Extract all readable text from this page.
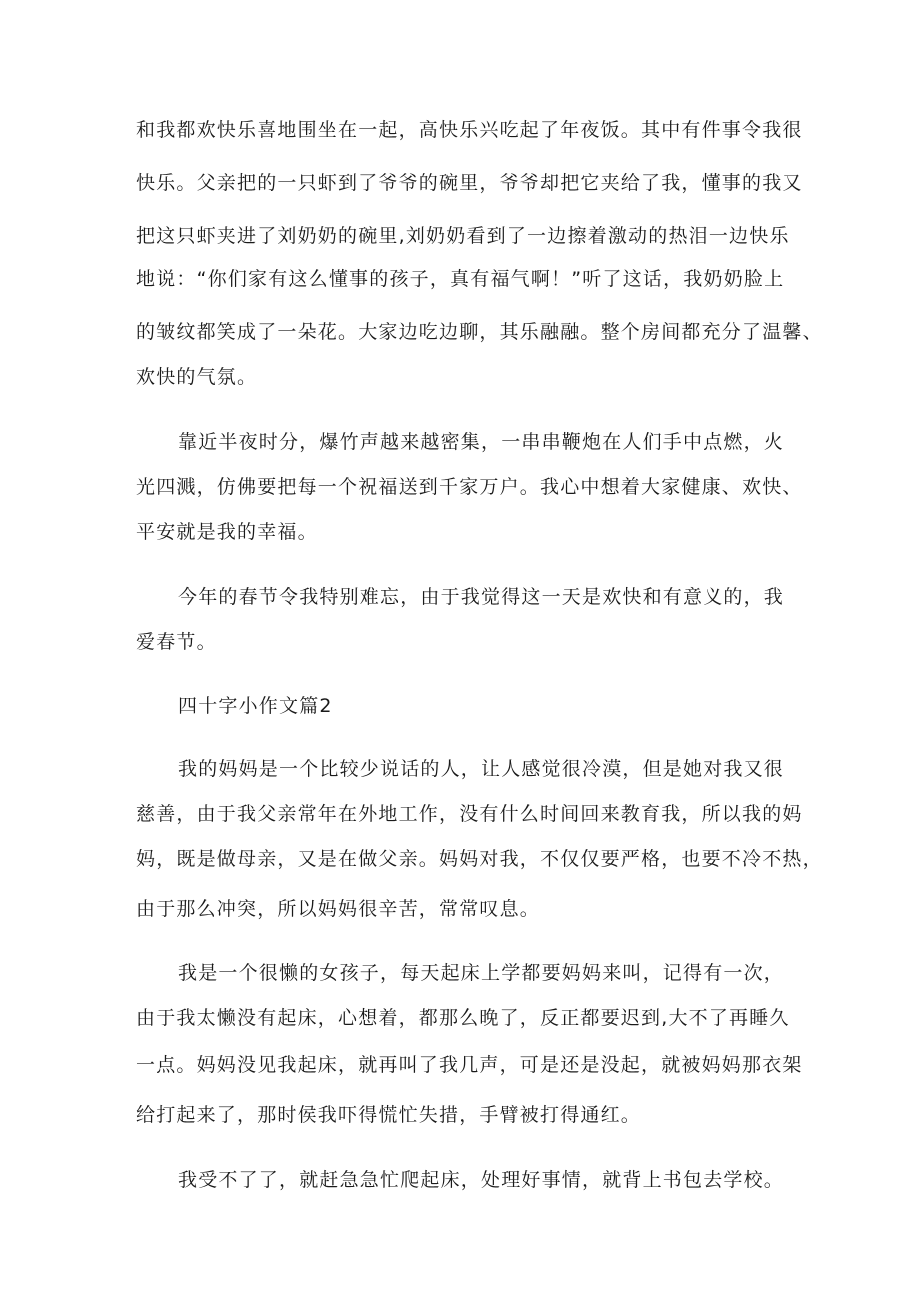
和我都欢快乐喜地围坐在一起，高快乐兴吃起了年夜饭。其中有件事令我很
快乐。父亲把的一只虾到了爷爷的碗里，爷爷却把它夹给了我，懂事的我又
把这只虾夹进了刘奶奶的碗里,刘奶奶看到了一边擦着激动的热泪一边快乐
地说：“你们家有这么懂事的孩子，真有福气啊！”听了这话，我奶奶脸上
的皱纹都笑成了一朵花。大家边吃边聊，其乐融融。整个房间都充分了温馨、
欢快的气氛。
靠近半夜时分，爆竹声越来越密集，一串串鞭炮在人们手中点燃，火
光四溅，仿佛要把每一个祝福送到千家万户。我心中想着大家健康、欢快、
平安就是我的幸福。
今年的春节令我特别难忘，由于我觉得这一天是欢快和有意义的，我
爱春节。
四十字小作文篇2
我的妈妈是一个比较少说话的人，让人感觉很冷漠，但是她对我又很
慈善，由于我父亲常年在外地工作，没有什么时间回来教育我，所以我的妈
妈，既是做母亲，又是在做父亲。妈妈对我，不仅仅要严格，也要不冷不热，
由于那么冲突，所以妈妈很辛苦，常常叹息。
我是一个很懒的女孩子，每天起床上学都要妈妈来叫，记得有一次，
由于我太懒没有起床，心想着，都那么晚了，反正都要迟到,大不了再睡久
一点。妈妈没见我起床，就再叫了我几声，可是还是没起，就被妈妈那衣架
给打起来了，那时侯我吓得慌忙失措，手臂被打得通红。
我受不了了，就赶急急忙爬起床，处理好事情，就背上书包去学校。
